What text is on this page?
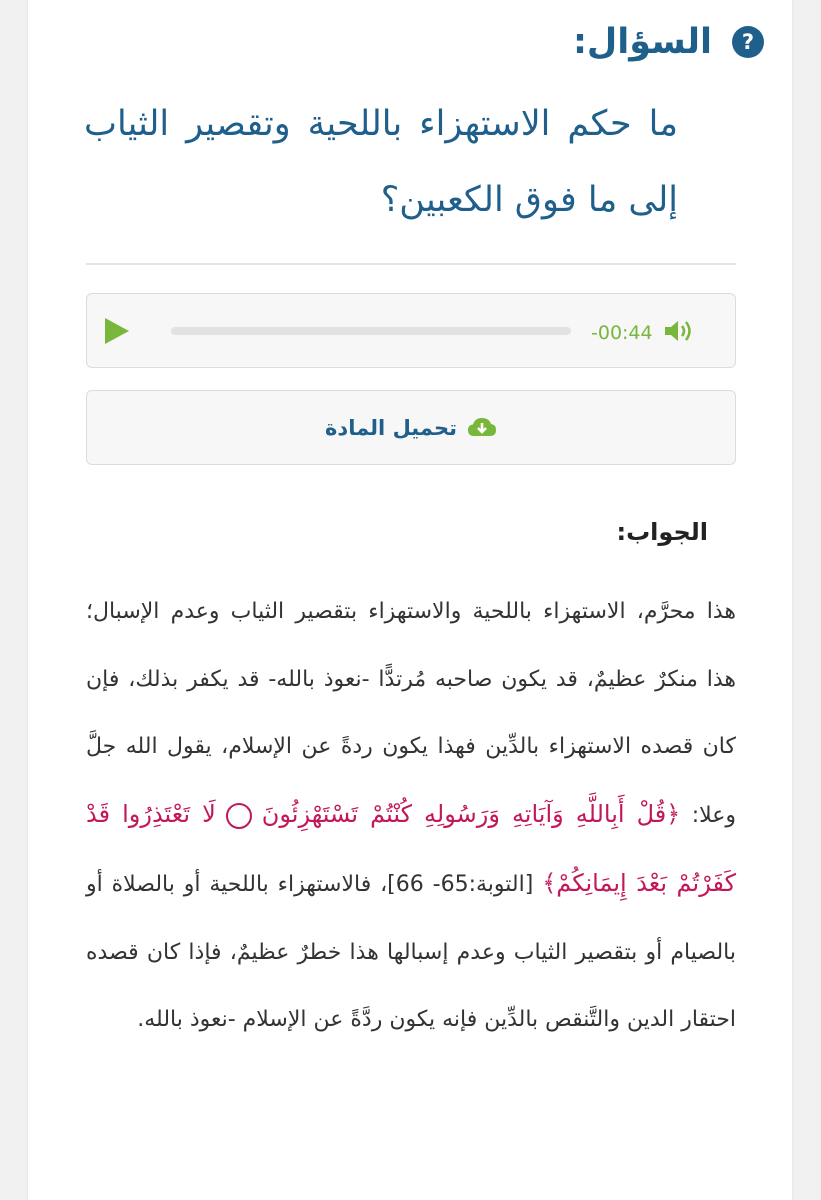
?
السؤال:
ما حكم الاستهزاء باللحية وتقصير الثياب إلى ما فوق الكعبين؟
-00:44
تحميل المادة
الجواب:
هذا محرَّم، الاستهزاء باللحية والاستهزاء بتقصير الثياب وعدم الإسبال؛ هذا منكرٌ عظيمٌ، قد يكون صاحبه مُرتدًّا -نعوذ بالله- قد يكفر بذلك، فإن كان قصده الاستهزاء بالدِّين فهذا يكون ردةً عن الإسلام، يقول الله جلَّ وعلا: ﴿قُلْ أَبِاللَّهِ وَآيَاتِهِ وَرَسُولِهِ كُنْتُمْ تَسْتَهْزِئُونَلَا تَعْتَذِرُوا قَدْ كَفَرْتُمْ بَعْدَ إِيمَانِكُمْ﴾ [التوبة:65- 66]، فالاستهزاء باللحية أو بالصلاة أو بالصيام أو بتقصير الثياب وعدم إسبالها هذا خطرٌ عظيمٌ، فإذا كان قصده احتقار الدين والتَّنقص بالدِّين فإنه يكون ردَّةً عن الإسلام -نعوذ بالله.
